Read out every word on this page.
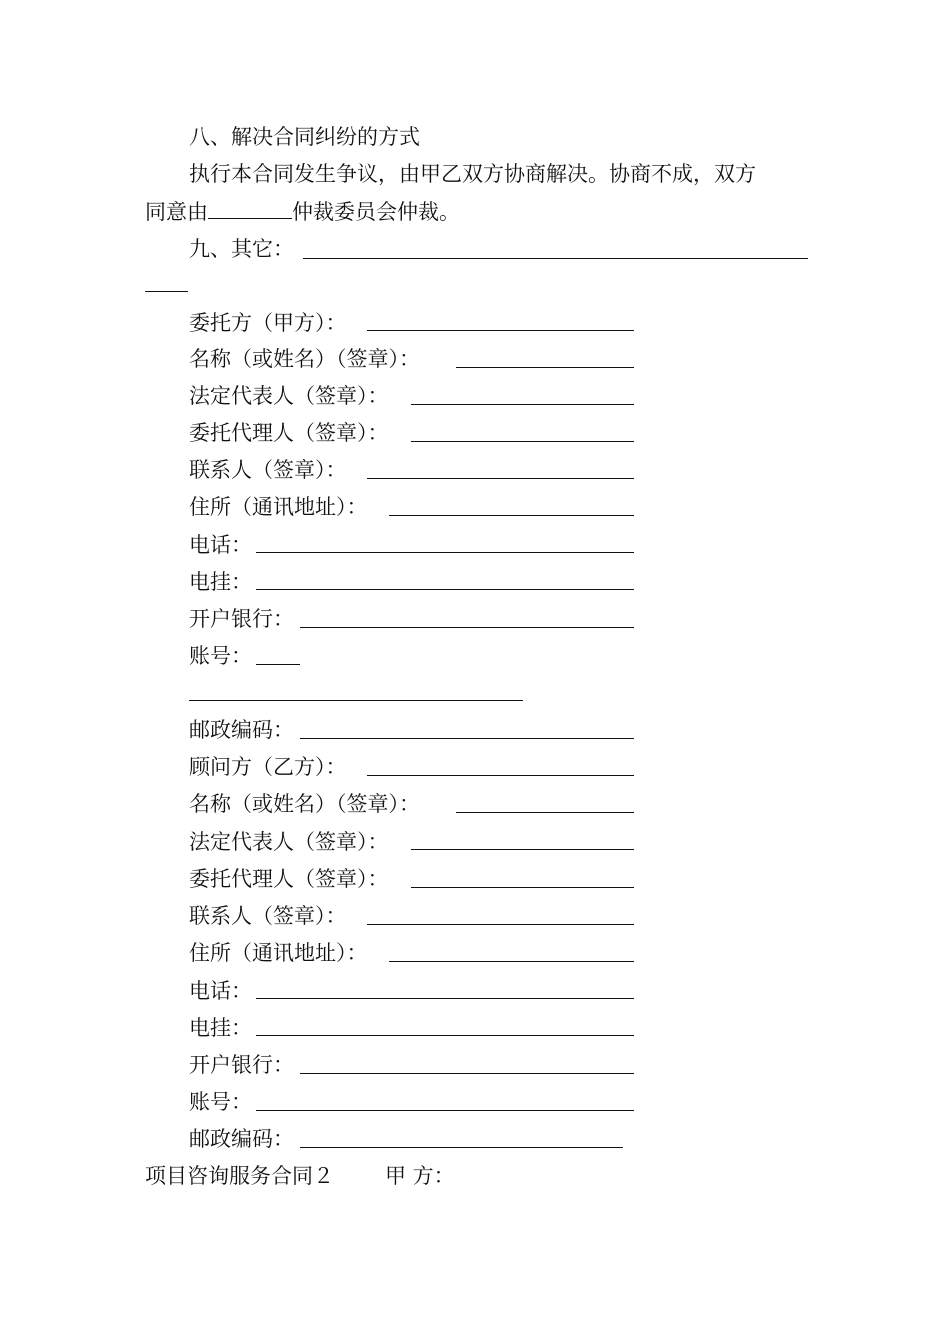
八、解决合同纠纷的方式
执行本合同发生争议，由甲乙双方协商解决。协商不成，双方
同意由	仲裁委员会仲裁。
九、其它：
委托方（甲方）：
名称（或姓名）（签章）：
法定代表人（签章）：
委托代理人（签章）：
联系人（签章）：
住所（通讯地址）：
电话：
电挂：
开户银行：
账号：
邮政编码：
顾问方（乙方）：
名称（或姓名）（签章）：
法定代表人（签章）：
委托代理人（签章）：
联系人（签章）：
住所（通讯地址）：
电话：
电挂：
开户银行：
账号：
邮政编码：
项目咨询服务合同２ 甲 方：
